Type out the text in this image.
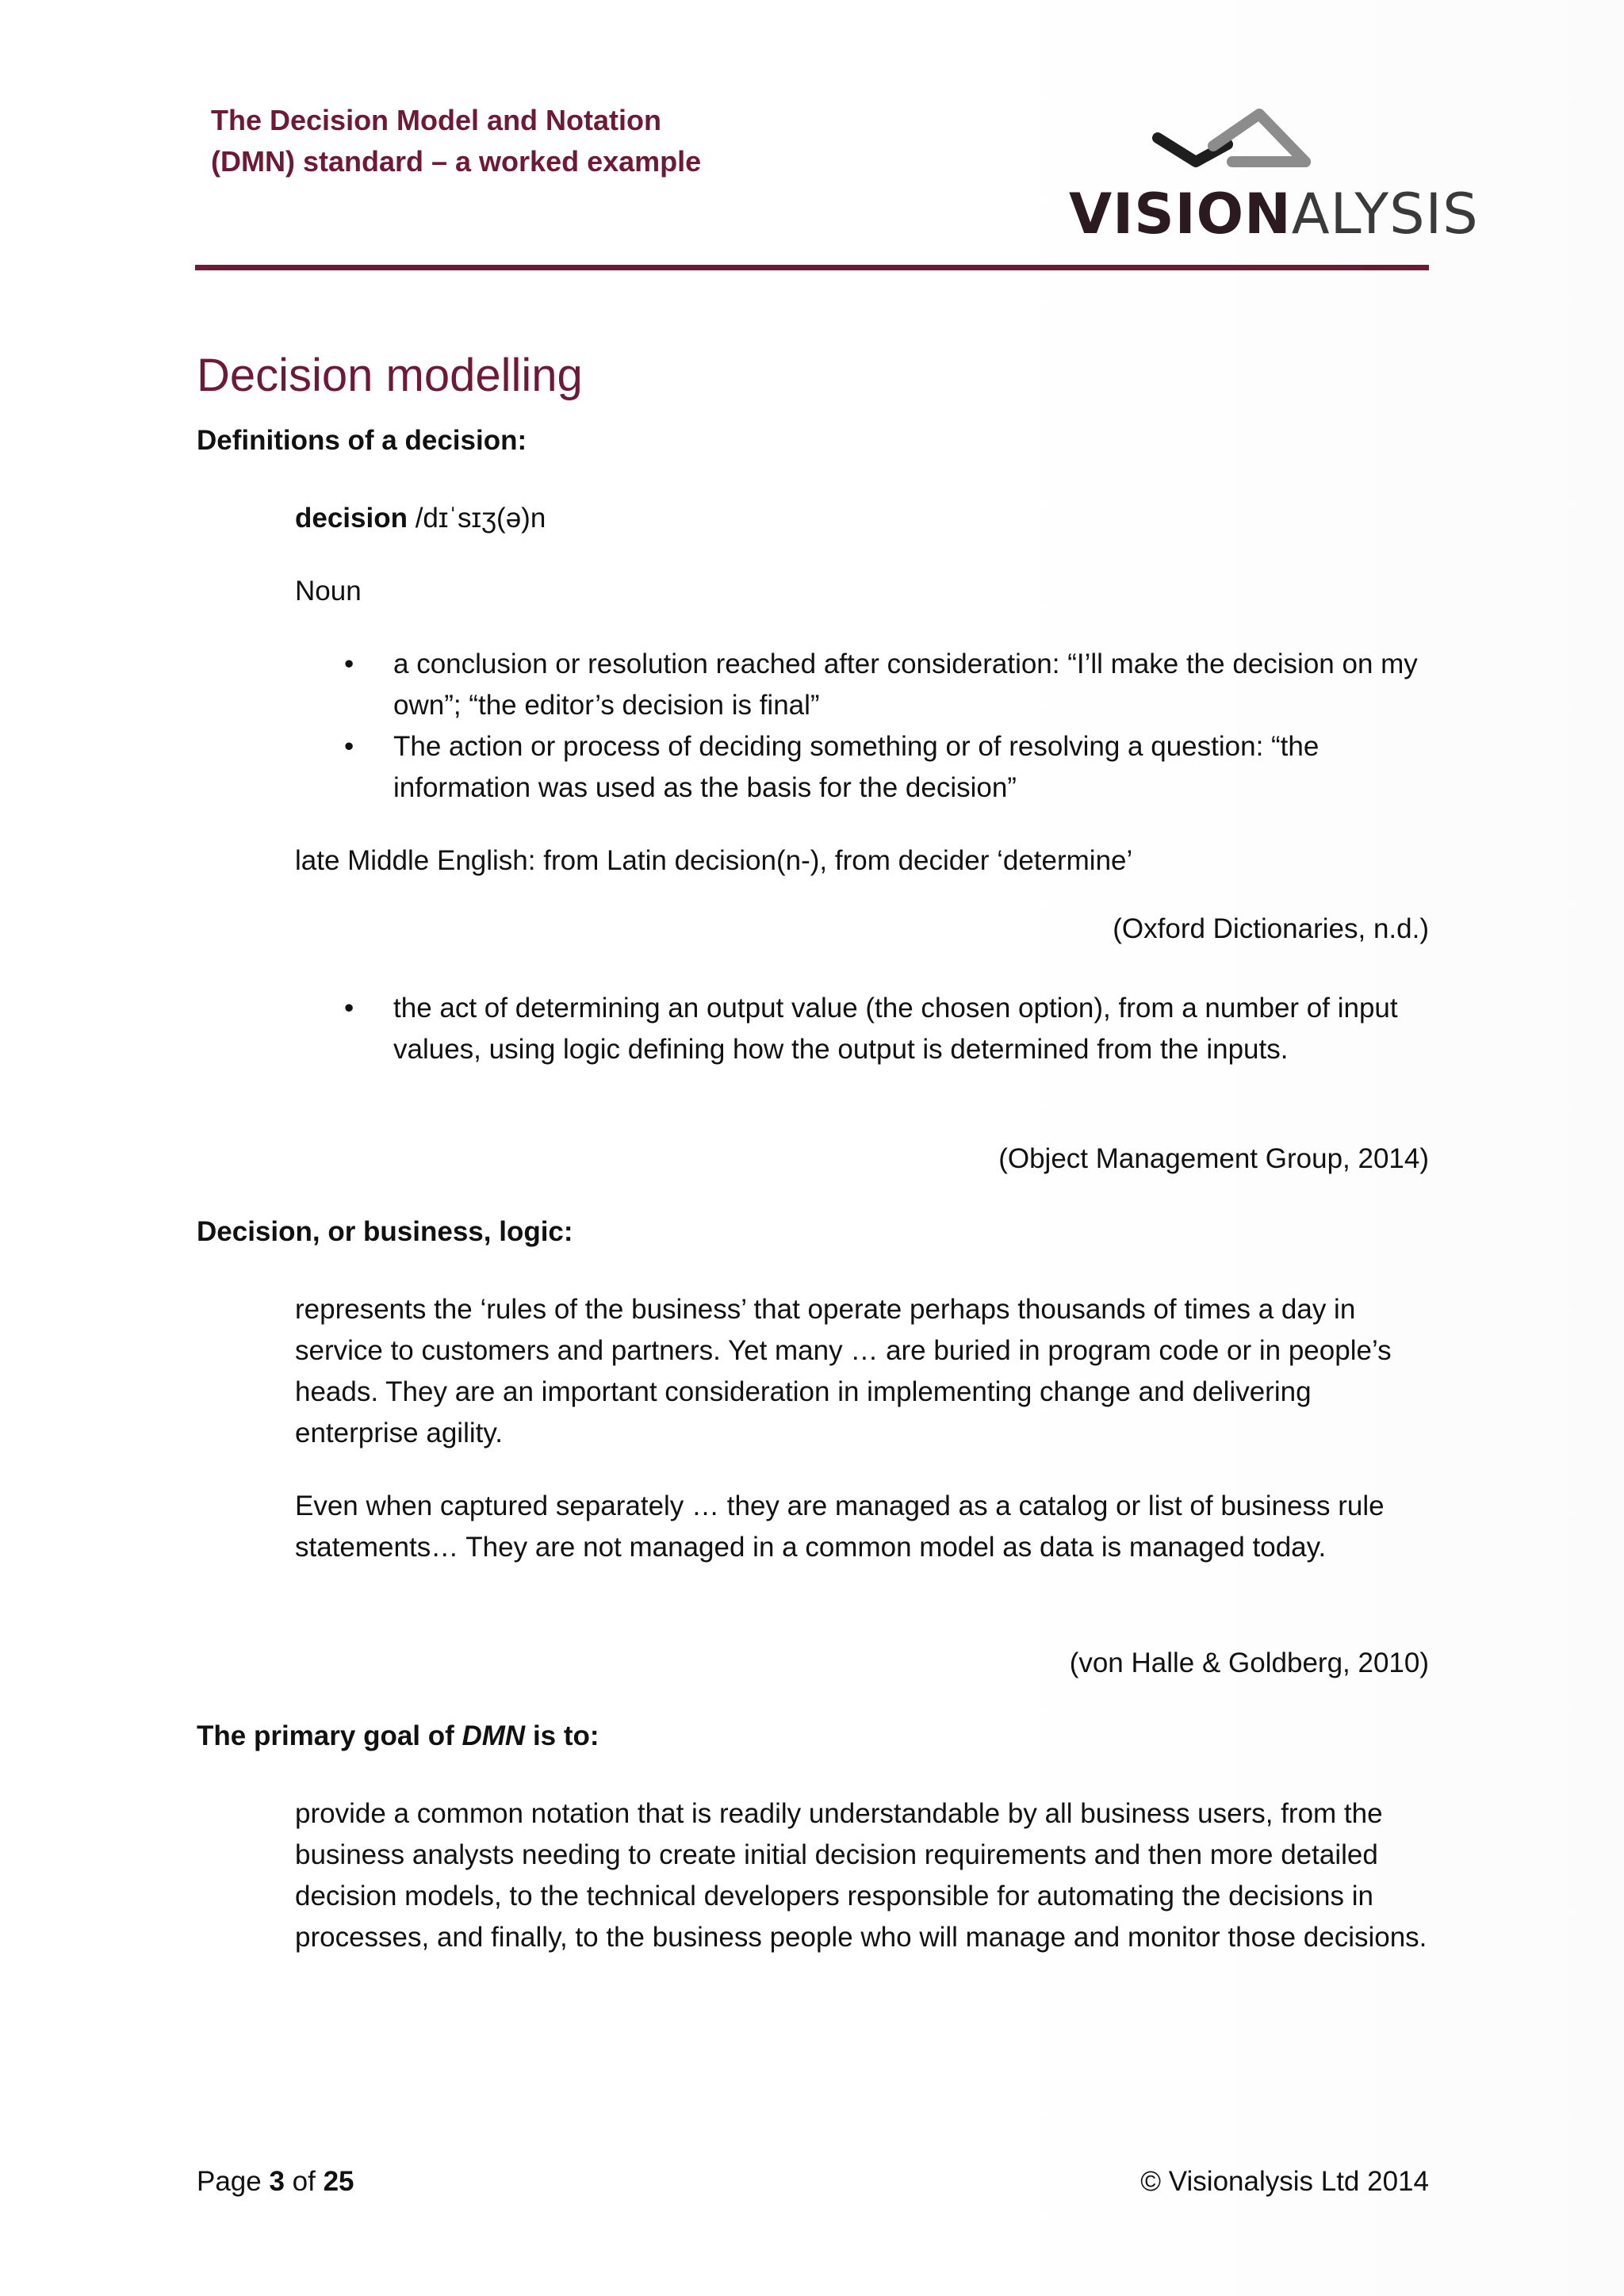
The Decision Model and Notation
(DMN) standard – a worked example
VISIONALYSIS
Decision modelling
Definitions of a decision:
decision /dɪˈsɪʒ(ə)n
Noun
• a conclusion or resolution reached after consideration: “I’ll make the decision on my own”; “the editor’s decision is final”
• The action or process of deciding something or of resolving a question: “the information was used as the basis for the decision”
late Middle English: from Latin decision(n-), from decider ‘determine’
(Oxford Dictionaries, n.d.)
• the act of determining an output value (the chosen option), from a number of input values, using logic defining how the output is determined from the inputs.
(Object Management Group, 2014)
Decision, or business, logic:

represents the ‘rules of the business’ that operate perhaps thousands of times a day in service to customers and partners. Yet many … are buried in program code or in people’s heads. They are an important consideration in implementing change and delivering enterprise agility.

Even when captured separately … they are managed as a catalog or list of business rule statements… They are not managed in a common model as data is managed today.

(von Halle & Goldberg, 2010)
The primary goal of DMN is to:
provide a common notation that is readily understandable by all business users, from the business analysts needing to create initial decision requirements and then more detailed decision models, to the technical developers responsible for automating the decisions in processes, and finally, to the business people who will manage and monitor those decisions.
Page 3 of 25	© Visionalysis Ltd 2014
